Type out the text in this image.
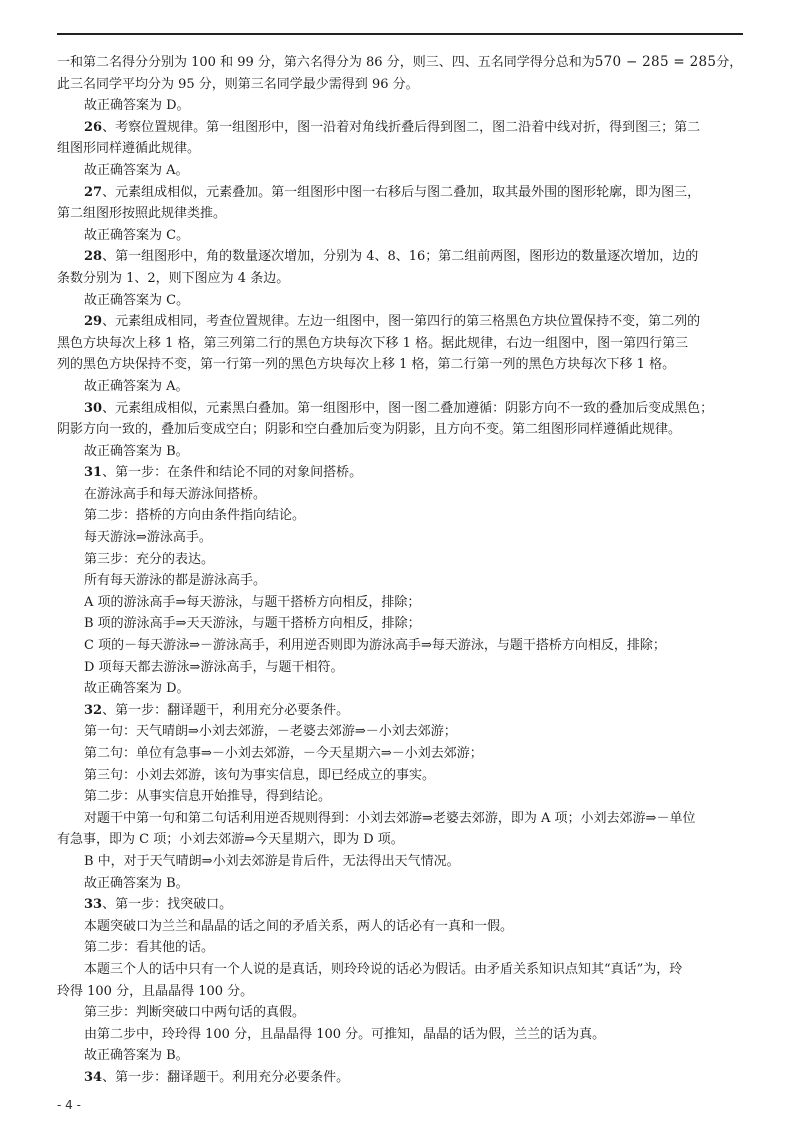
一和第二名得分分别为 100 和 99 分，第六名得分为 86 分，则三、四、五名同学得分总和为570 − 285 = 285分，
此三名同学平均分为 95 分，则第三名同学最少需得到 96 分。
故正确答案为 D。
26、考察位置规律。第一组图形中，图一沿着对角线折叠后得到图二，图二沿着中线对折，得到图三；第二
组图形同样遵循此规律。
故正确答案为 A。
27、元素组成相似，元素叠加。第一组图形中图一右移后与图二叠加，取其最外围的图形轮廓，即为图三，
第二组图形按照此规律类推。
故正确答案为 C。
28、第一组图形中，角的数量逐次增加，分别为 4、8、16；第二组前两图，图形边的数量逐次增加，边的
条数分别为 1、2，则下图应为 4 条边。
故正确答案为 C。
29、元素组成相同，考查位置规律。左边一组图中，图一第四行的第三格黑色方块位置保持不变，第二列的
黑色方块每次上移 1 格，第三列第二行的黑色方块每次下移 1 格。据此规律，右边一组图中，图一第四行第三
列的黑色方块保持不变，第一行第一列的黑色方块每次上移 1 格，第二行第一列的黑色方块每次下移 1 格。
故正确答案为 A。
30、元素组成相似，元素黑白叠加。第一组图形中，图一图二叠加遵循：阴影方向不一致的叠加后变成黑色；
阴影方向一致的，叠加后变成空白；阴影和空白叠加后变为阴影，且方向不变。第二组图形同样遵循此规律。
故正确答案为 B。
31、第一步：在条件和结论不同的对象间搭桥。
在游泳高手和每天游泳间搭桥。
第二步：搭桥的方向由条件指向结论。
每天游泳⇒游泳高手。
第三步：充分的表达。
所有每天游泳的都是游泳高手。
A 项的游泳高手⇒每天游泳，与题干搭桥方向相反，排除；
B 项的游泳高手⇒天天游泳，与题干搭桥方向相反，排除；
C 项的－每天游泳⇒－游泳高手，利用逆否则即为游泳高手⇒每天游泳，与题干搭桥方向相反，排除；
D 项每天都去游泳⇒游泳高手，与题干相符。
故正确答案为 D。
32、第一步：翻译题干，利用充分必要条件。
第一句：天气晴朗⇒小刘去郊游，－老婆去郊游⇒－小刘去郊游；
第二句：单位有急事⇒－小刘去郊游，－今天星期六⇒－小刘去郊游；
第三句：小刘去郊游，该句为事实信息，即已经成立的事实。
第二步：从事实信息开始推导，得到结论。
对题干中第一句和第二句话利用逆否规则得到：小刘去郊游⇒老婆去郊游，即为 A 项；小刘去郊游⇒－单位
有急事，即为 C 项；小刘去郊游⇒今天星期六，即为 D 项。
B 中，对于天气晴朗⇒小刘去郊游是肯后件，无法得出天气情况。
故正确答案为 B。
33、第一步：找突破口。
本题突破口为兰兰和晶晶的话之间的矛盾关系，两人的话必有一真和一假。
第二步：看其他的话。
本题三个人的话中只有一个人说的是真话，则玲玲说的话必为假话。由矛盾关系知识点知其“真话”为，玲
玲得 100 分，且晶晶得 100 分。
第三步：判断突破口中两句话的真假。
由第二步中，玲玲得 100 分，且晶晶得 100 分。可推知，晶晶的话为假，兰兰的话为真。
故正确答案为 B。
34、第一步：翻译题干。利用充分必要条件。
- 4 -
